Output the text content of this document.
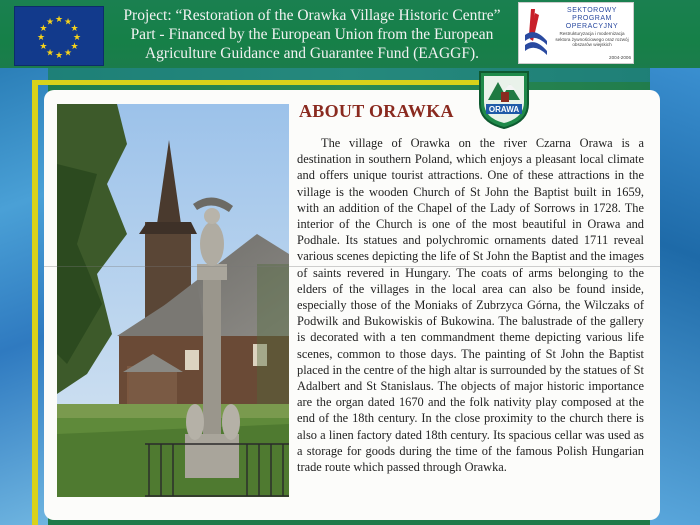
★ ★
★
★
★
★
★
★
★
★
★
★	Project: “Restoration of the Orawka Village Historic Centre”
Part - Financed by the European Union from the European
Agriculture Guidance and Guarantee Fund (EAGGF).
SEKTOROWY
PROGRAM
OPERACYJNY
Restrukturyzacja i modernizacja sektora żywnościowego oraz rozwój obszarów wiejskich
2004-2006
ABOUT ORAWKA	ORAWA
The village of Orawka on the river Czarna Orawa is a destination in southern Poland, which enjoys a pleasant local climate and offers unique tourist attractions. One of these attractions in the village is the wooden Church of St John the Baptist built in 1659, with an addition of the Chapel of the Lady of Sorrows in 1728. The interior of the Church is one of the most beautiful in Orawa and Podhale. Its statues and polychromic ornaments dated 1711 reveal various scenes depicting the life of St John the Baptist and the images of saints revered in Hungary. The coats of arms belonging to the elders of the villages in the local area can also be found inside, especially those of the Moniaks of Zubrzyca Górna, the Wilczaks of Podwilk and Bukowiskis of Bukowina. The balustrade of the gallery is decorated with a ten commandment theme depicting various life scenes, common to those days. The painting of St John the Baptist placed in the centre of the high altar is surrounded by the statues of St Adalbert and St Stanislaus. The objects of major historic importance are the organ dated 1670 and the folk nativity play composed at the end of the 18th century. In the close proximity to the church there is also a linen factory dated 18th century. Its spacious cellar was used as a storage for goods during the time of the famous Polish Hungarian trade route which passed through Orawka.
